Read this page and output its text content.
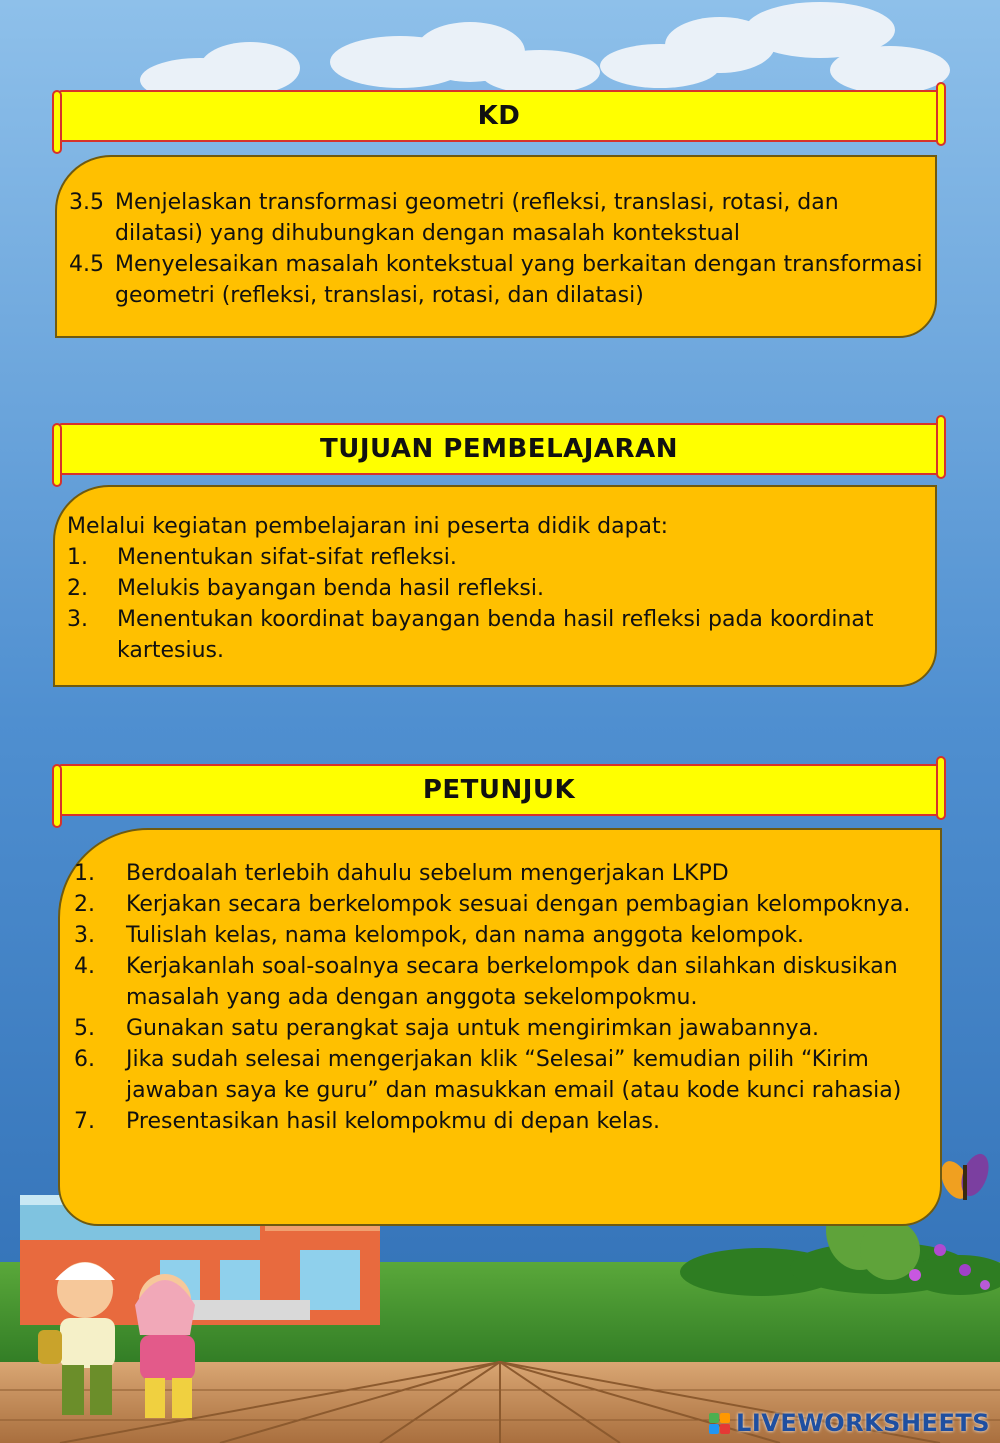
KD
3.5 Menjelaskan transformasi geometri (refleksi, translasi, rotasi, dan dilatasi) yang dihubungkan dengan masalah kontekstual
4.5 Menyelesaikan masalah kontekstual yang berkaitan dengan transformasi geometri (refleksi, translasi, rotasi, dan dilatasi)
TUJUAN PEMBELAJARAN
Melalui kegiatan pembelajaran ini peserta didik dapat:
1.	Menentukan sifat-sifat refleksi.
2.	Melukis bayangan benda hasil refleksi.
3.	Menentukan koordinat bayangan benda hasil refleksi pada koordinat kartesius.
PETUNJUK
1.	Berdoalah terlebih dahulu sebelum mengerjakan LKPD
2.	Kerjakan secara berkelompok sesuai dengan pembagian kelompoknya.
3.	Tulislah kelas, nama kelompok, dan nama anggota kelompok.
4.	Kerjakanlah soal-soalnya secara berkelompok dan silahkan diskusikan masalah yang ada dengan anggota sekelompokmu.
5.	Gunakan satu perangkat saja untuk mengirimkan jawabannya.
6.	Jika sudah selesai mengerjakan klik “Selesai” kemudian pilih “Kirim jawaban saya ke guru” dan masukkan email (atau kode kunci rahasia)
7.	Presentasikan hasil kelompokmu di depan kelas.
LIVEWORKSHEETS
